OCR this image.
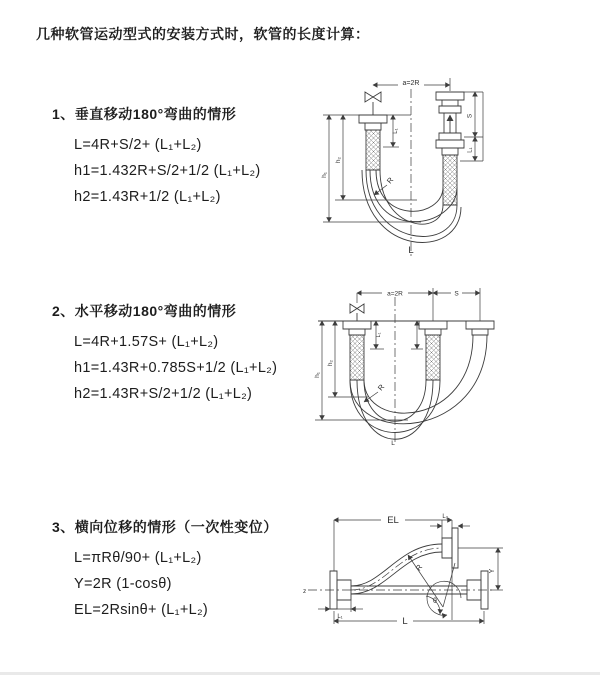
几种软管运动型式的安装方式时，软管的长度计算：
1、垂直移动180°弯曲的情形
L=4R+S/2+ (L₁+L₂)
h1=1.432R+S/2+1/2 (L₁+L₂)
h2=1.43R+1/2 (L₁+L₂)
2、水平移动180°弯曲的情形
L=4R+1.57S+ (L₁+L₂)
h1=1.43R+0.785S+1/2 (L₁+L₂)
h2=1.43R+S/2+1/2 (L₁+L₂)
3、横向位移的情形（一次性变位）
L=πRθ/90+ (L₁+L₂)
Y=2R (1-cosθ)
EL=2Rsinθ+ (L₁+L₂)
a=2R
L₁
h₂
h₁
S
L₁
R
L
a=2R	S
L₁
h₂
h₁
R
L
EL	L₂
Y
R
θ
L
L₁
z
